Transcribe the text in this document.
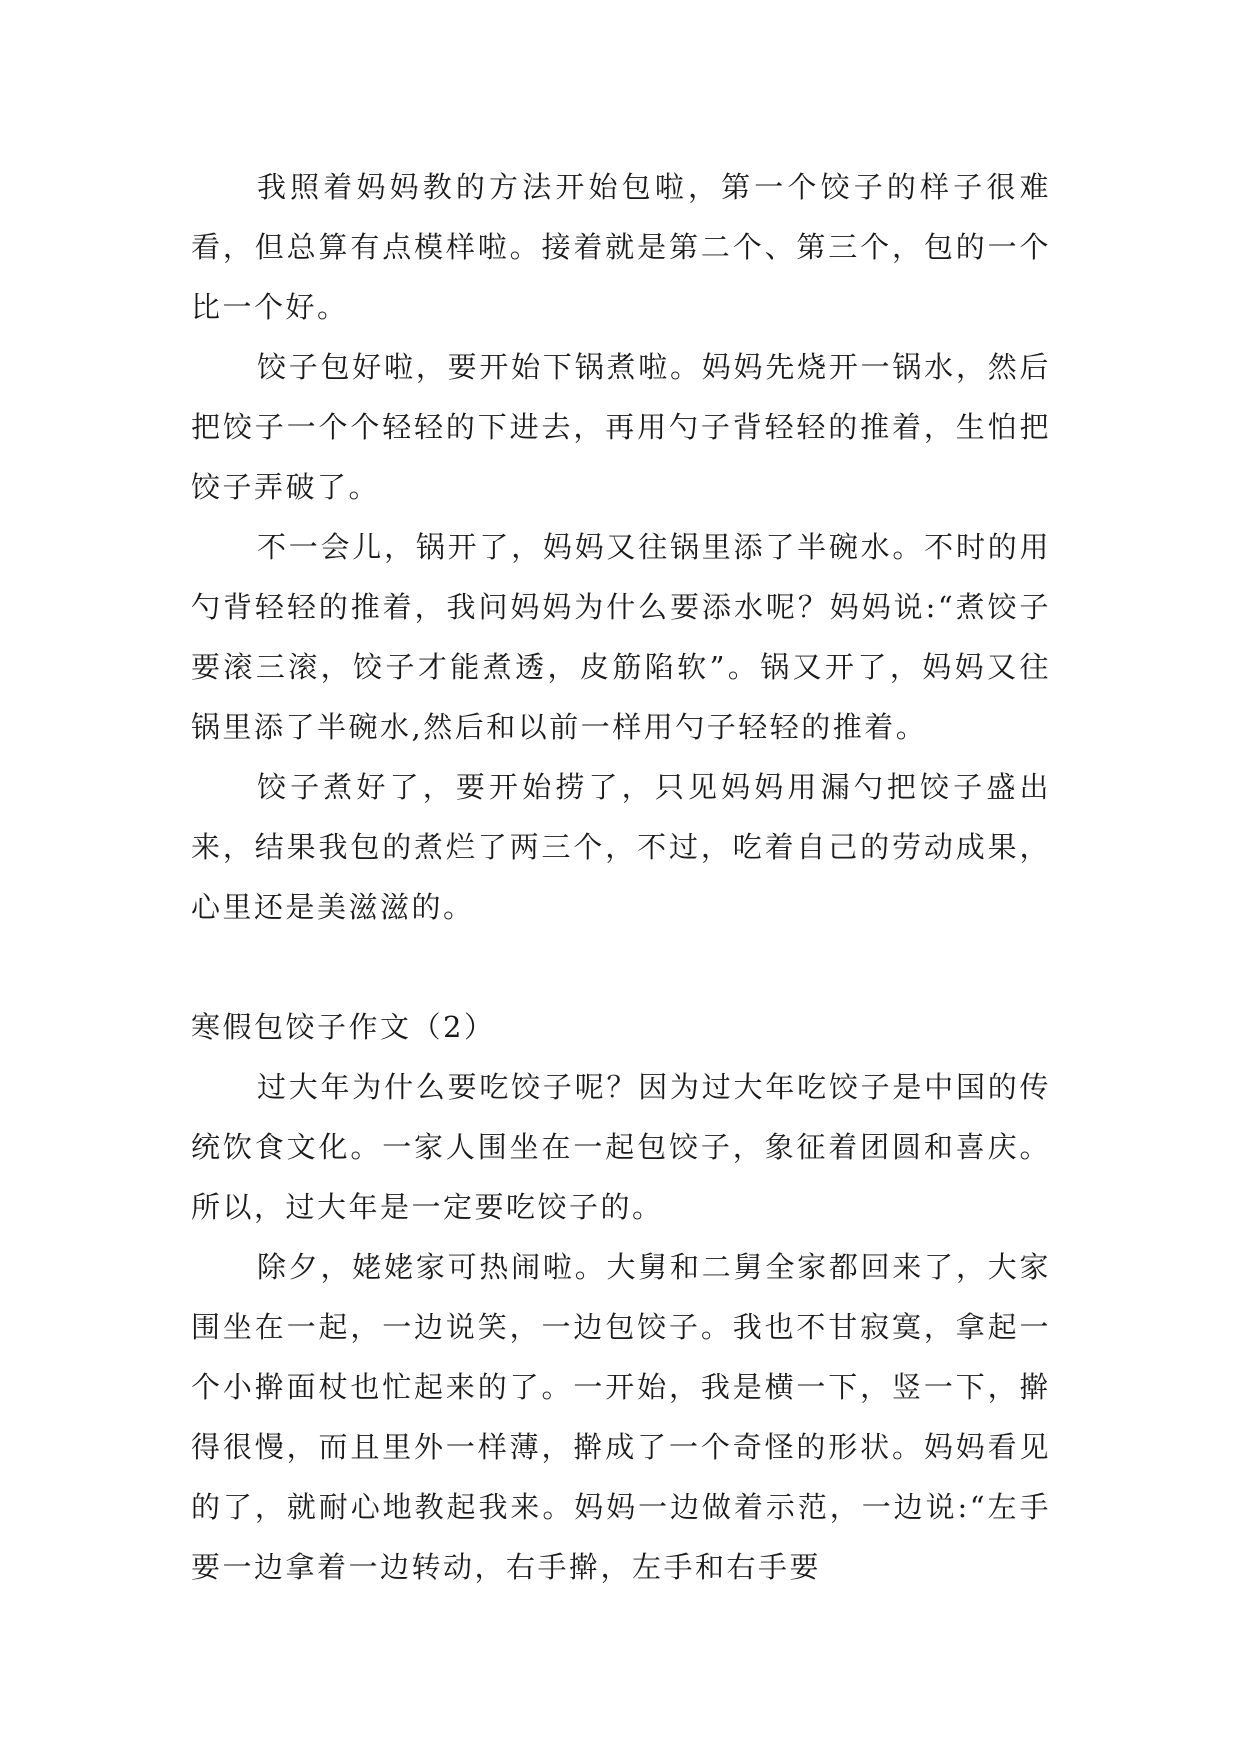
我照着妈妈教的方法开始包啦，第一个饺子的样子很难看，但总算有点模样啦。接着就是第二个、第三个，包的一个比一个好。

饺子包好啦，要开始下锅煮啦。妈妈先烧开一锅水，然后把饺子一个个轻轻的下进去，再用勺子背轻轻的推着，生怕把饺子弄破了。

不一会儿，锅开了，妈妈又往锅里添了半碗水。不时的用勺背轻轻的推着，我问妈妈为什么要添水呢？妈妈说:“煮饺子要滚三滚，饺子才能煮透，皮筋陷软”。锅又开了，妈妈又往锅里添了半碗水,然后和以前一样用勺子轻轻的推着。

饺子煮好了，要开始捞了，只见妈妈用漏勺把饺子盛出来，结果我包的煮烂了两三个，不过，吃着自己的劳动成果，心里还是美滋滋的。

寒假包饺子作文（2）

过大年为什么要吃饺子呢？因为过大年吃饺子是中国的传统饮食文化。一家人围坐在一起包饺子，象征着团圆和喜庆。所以，过大年是一定要吃饺子的。

除夕，姥姥家可热闹啦。大舅和二舅全家都回来了，大家围坐在一起，一边说笑，一边包饺子。我也不甘寂寞，拿起一个小擀面杖也忙起来的了。一开始，我是横一下，竖一下，擀得很慢，而且里外一样薄，擀成了一个奇怪的形状。妈妈看见的了，就耐心地教起我来。妈妈一边做着示范，一边说:“左手要一边拿着一边转动，右手擀，左手和右手要
